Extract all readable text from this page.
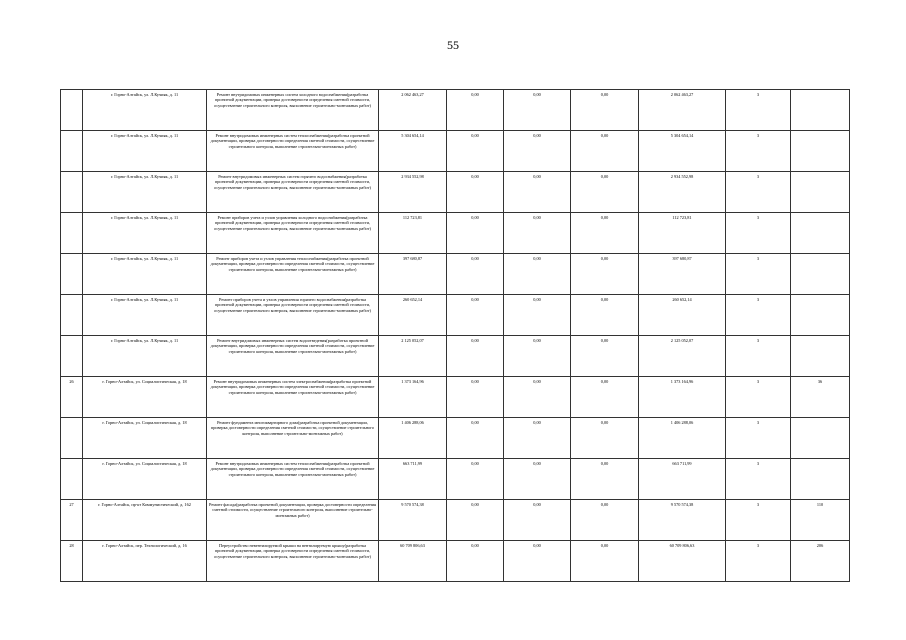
55
	г. Горно-Алтайск, ул. Л.Кучияк, д. 11	Ремонт внутридомовых инженерных систем холодного водоснабжения(разработка проектной документации, проверка достоверности определения сметной стоимости, осуществление строительного контроля, выполнение строительно-монтажных работ)	2 062 463,27	0,00	0,00	0,00	2 062 463,27	3	
	г. Горно-Алтайск, ул. Л.Кучияк, д. 11	Ремонт внутридомовых инженерных систем теплоснабжения(разработка проектной документации, проверка достоверности определения сметной стоимости, осуществление строительного контроля, выполнение строительно-монтажных работ)	5 304 654,14	0,00	0,00	0,00	5 304 654,14	3	
	г. Горно-Алтайск, ул. Л.Кучияк, д. 11	Ремонт внутридомовых инженерных систем горячего водоснабжения(разработка проектной документации, проверка достоверности определения сметной стоимости, осуществление строительного контроля, выполнение строительно-монтажных работ)	2 934 552,98	0,00	0,00	0,00	2 934 552,98	3	
	г. Горно-Алтайск, ул. Л.Кучияк, д. 11	Ремонт приборов учета и узлов управления холодного водоснабжения(разработка проектной документации, проверка достоверности определения сметной стоимости, осуществление строительного контроля, выполнение строительно-монтажных работ)	112 723,81	0,00	0,00	0,00	112 723,81	3	
	г. Горно-Алтайск, ул. Л.Кучияк, д. 11	Ремонт приборов учета и узлов управления теплоснабжения(разработка проектной документации, проверка достоверности определения сметной стоимости, осуществление строительного контроля, выполнение строительно-монтажных работ)	397 680,87	0,00	0,00	0,00	397 680,87	3	
	г. Горно-Алтайск, ул. Л.Кучияк, д. 11	Ремонт приборов учета и узлов управления горячего водоснабжения(разработка проектной документации, проверка достоверности определения сметной стоимости, осуществление строительного контроля, выполнение строительно-монтажных работ)	260 652,14	0,00	0,00	0,00	260 652,14	3	
	г. Горно-Алтайск, ул. Л.Кучияк, д. 11	Ремонт внутридомовых инженерных систем водоотведения(разработка проектной документации, проверка достоверности определения сметной стоимости, осуществление строительного контроля, выполнение строительно-монтажных работ)	2 125 052,07	0,00	0,00	0,00	2 125 052,07	3	
26	г. Горно-Алтайск, ул. Социалистическая, д. 18	Ремонт внутридомовых инженерных систем электроснабжения(разработка проектной документации, проверка достоверности определения сметной стоимости, осуществление строительного контроля, выполнение строительно-монтажных работ)	1 373 164,96	0,00	0,00	0,00	1 373 164,96	3	36
	г. Горно-Алтайск, ул. Социалистическая, д. 18	Ремонт фундамента многоквартирного дома(разработка проектной документации, проверка достоверности определения сметной стоимости, осуществление строительного контроля, выполнение строительно-монтажных работ)	1 406 288,06	0,00	0,00	0,00	1 406 288,06	3	
	г. Горно-Алтайск, ул. Социалистическая, д. 18	Ремонт внутридомовых инженерных систем теплоснабжения(разработка проектной документации, проверка достоверности определения сметной стоимости, осуществление строительного контроля, выполнение строительно-монтажных работ)	663 711,99	0,00	0,00	0,00	663 711,99	3	
27	г. Горно-Алтайск, пр-кт Коммунистический, д. 162	Ремонт фасада(разработка проектной документации, проверка достоверности определения сметной стоимости, осуществление строительного контроля, выполнение строительно-монтажных работ)	9 570 574,38	0,00	0,00	0,00	9 570 574,38	3	110
28	г. Горно-Алтайск, пер. Технологический, д. 16	Переустройство невентилируемой крыши на вентилируемую крышу(разработка проектной документации, проверка достоверности определения сметной стоимости, осуществление строительного контроля, выполнение строительно-монтажных работ)	60 709 806,63	0,00	0,00	0,00	60 709 806,63	3	206
